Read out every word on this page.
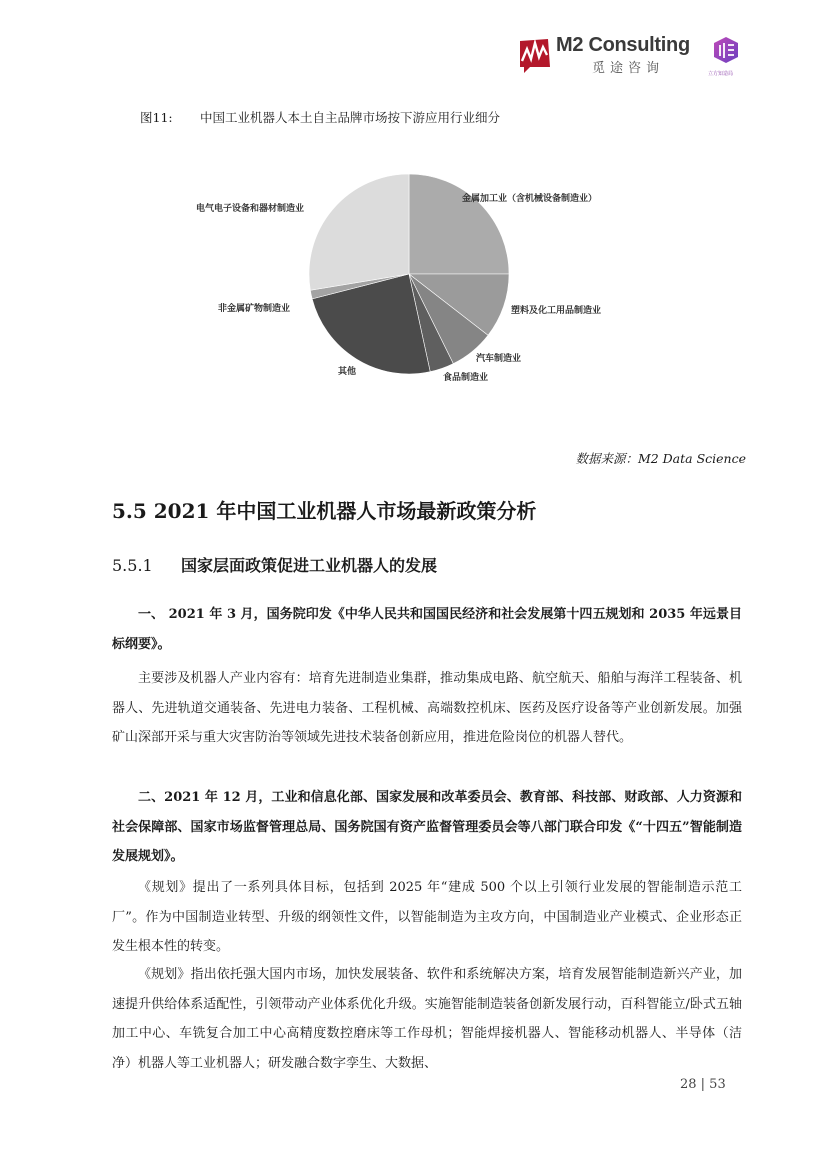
M2 Consulting
觅途咨询	立方知造局
图11: 中国工业机器人本土自主品牌市场按下游应用行业细分
金属加工业（含机械设备制造业）
塑料及化工用品制造业
汽车制造业
食品制造业
其他
非金属矿物制造业
电气电子设备和器材制造业
数据来源：M2 Data Science
5.5 2021 年中国工业机器人市场最新政策分析
5.5.1 国家层面政策促进工业机器人的发展
一、 2021 年 3 月，国务院印发《中华人民共和国国民经济和社会发展第十四五规划和 2035 年远景目标纲要》。
主要涉及机器人产业内容有：培育先进制造业集群，推动集成电路、航空航天、船舶与海洋工程装备、机器人、先进轨道交通装备、先进电力装备、工程机械、高端数控机床、医药及医疗设备等产业创新发展。加强矿山深部开采与重大灾害防治等领域先进技术装备创新应用，推进危险岗位的机器人替代。
二、2021 年 12 月，工业和信息化部、国家发展和改革委员会、教育部、科技部、财政部、人力资源和社会保障部、国家市场监督管理总局、国务院国有资产监督管理委员会等八部门联合印发《“十四五”智能制造发展规划》。
《规划》提出了一系列具体目标，包括到 2025 年“建成 500 个以上引领行业发展的智能制造示范工厂”。作为中国制造业转型、升级的纲领性文件，以智能制造为主攻方向，中国制造业产业模式、企业形态正发生根本性的转变。
《规划》指出依托强大国内市场，加快发展装备、软件和系统解决方案，培育发展智能制造新兴产业，加速提升供给体系适配性，引领带动产业体系优化升级。实施智能制造装备创新发展行动，百科智能立/卧式五轴加工中心、车铣复合加工中心高精度数控磨床等工作母机；智能焊接机器人、智能移动机器人、半导体（洁净）机器人等工业机器人；研发融合数字孪生、大数据、
28 | 53
